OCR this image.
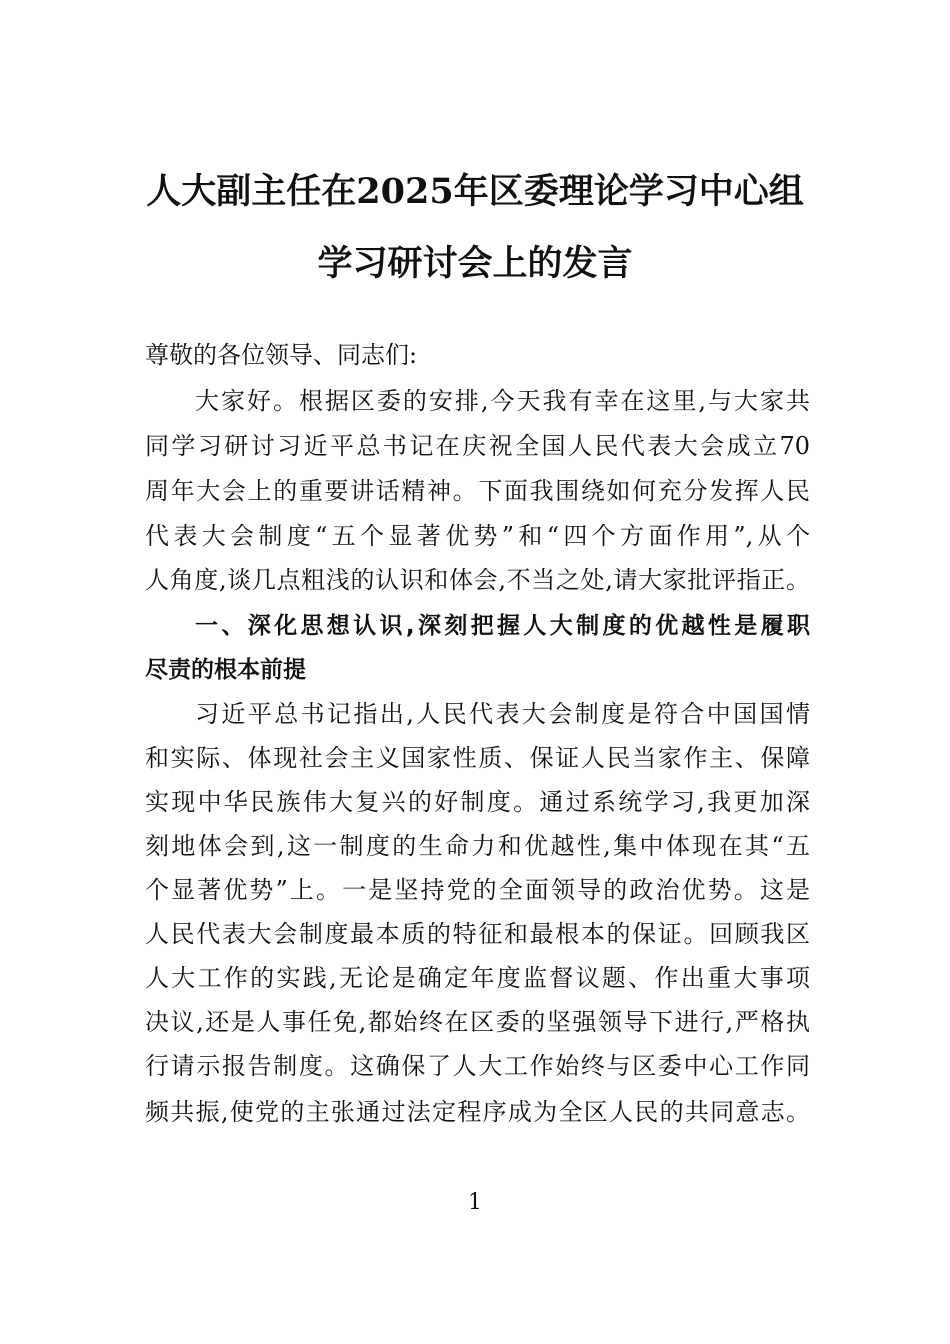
人大副主任在2025年区委理论学习中心组
学习研讨会上的发言
尊敬的各位领导、同志们:
大家好。根据区委的安排,今天我有幸在这里,与大家共
同学习研讨习近平总书记在庆祝全国人民代表大会成立70
周年大会上的重要讲话精神。下面我围绕如何充分发挥人民
代表大会制度“五个显著优势”和“四个方面作用”,从个
人角度,谈几点粗浅的认识和体会,不当之处,请大家批评指正。
一、深化思想认识,深刻把握人大制度的优越性是履职
尽责的根本前提
习近平总书记指出,人民代表大会制度是符合中国国情
和实际、体现社会主义国家性质、保证人民当家作主、保障
实现中华民族伟大复兴的好制度。通过系统学习,我更加深
刻地体会到,这一制度的生命力和优越性,集中体现在其“五
个显著优势”上。一是坚持党的全面领导的政治优势。这是
人民代表大会制度最本质的特征和最根本的保证。回顾我区
人大工作的实践,无论是确定年度监督议题、作出重大事项
决议,还是人事任免,都始终在区委的坚强领导下进行,严格执
行请示报告制度。这确保了人大工作始终与区委中心工作同
频共振,使党的主张通过法定程序成为全区人民的共同意志。
1
